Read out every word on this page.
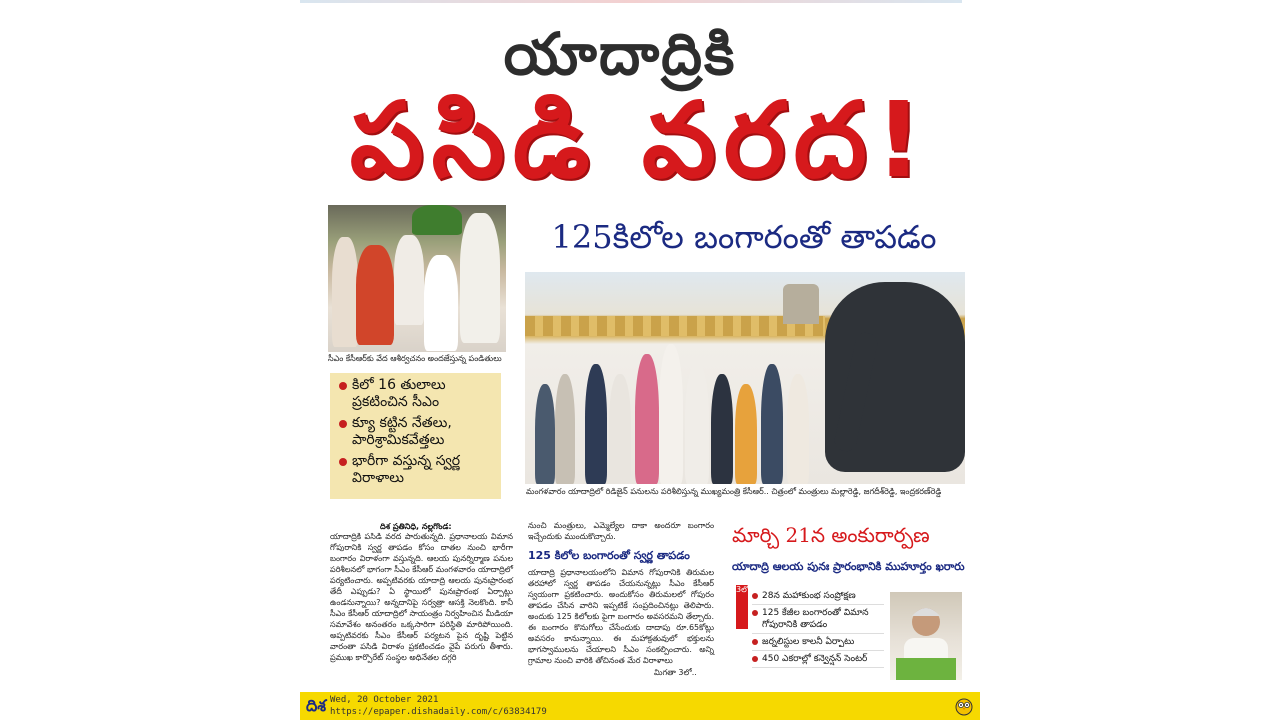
యాదాద్రికి
పసిడి వరద!
సీఎం కేసీఆర్‌కు వేద ఆశీర్వచనం అందజేస్తున్న పండితులు
కిలో 16 తులాలు ప్రకటించిన సీఎం
క్యూ కట్టిన నేతలు, పారిశ్రామికవేత్తలు
భారీగా వస్తున్న స్వర్ణ విరాళాలు
125కిలోల బంగారంతో తాపడం
మంగళవారం యాదాద్రిలో రిడిజైన్ పనులను పరిశీలిస్తున్న ముఖ్యమంత్రి కేసీఆర్.. చిత్రంలో మంత్రులు మల్లారెడ్డి, జగదీశ్‌రెడ్డి, ఇంద్రకరణ్‌రెడ్డి
దిశ ప్రతినిధి, నల్లగొండ:
యాదాద్రికి పసిడి వరద పారుతున్నది. ప్రధానాలయ విమాన గోపురానికి స్వర్ణ తాపడం కోసం దాతల నుంచి భారీగా బంగారం విరాళంగా వస్తున్నది. ఆలయ పునర్నిర్మాణ పనుల పరిశీలనలో భాగంగా సీఎం కేసీఆర్ మంగళవారం యాదాద్రిలో పర్యటించారు. అప్పటివరకు యాదాద్రి ఆలయ పునఃప్రారంభ తేదీ ఎప్పుడు? ఏ స్థాయిలో పునఃప్రారంభ ఏర్పాట్లు ఉండనున్నాయి? అన్నదానిపై సర్వత్రా ఆసక్తి నెలకొంది. కానీ సీఎం కేసీఆర్ యాదాద్రిలో సాయంత్రం నిర్వహించిన మీడియా సమావేశం అనంతరం ఒక్కసారిగా పరిస్థితి మారిపోయింది. అప్పటివరకు సీఎం కేసీఆర్ పర్యటన పైన దృష్టి పెట్టిన వారంతా పసిడి విరాళం ప్రకటించడం వైపే పరుగు తీశారు. ప్రముఖ కార్పొరేట్ సంస్థల అధినేతల దగ్గరి
నుంచి మంత్రులు, ఎమ్మెల్యేల దాకా అందరూ బంగారం ఇచ్చేందుకు ముందుకొచ్చారు.
125 కిలోల బంగారంతో స్వర్ణ తాపడం
యాదాద్రి ప్రధానాలయంలోని విమాన గోపురానికి తిరుమల తరహాలో స్వర్ణ తాపడం చేయనున్నట్లు సీఎం కేసీఆర్ స్వయంగా ప్రకటించారు. అందుకోసం తిరుమలలో గోపురం తాపడం చేసిన వారిని ఇప్పటికే సంప్రదించినట్లు తెలిపారు. అందుకు 125 కిలోలకు పైగా బంగారం అవసరమని తేల్చారు. ఈ బంగారం కొనుగోలు చేసేందుకు దాదాపు రూ.65కోట్లు అవసరం కానున్నాయి. ఈ మహాక్రతువులో భక్తులను భాగస్వాములను చేయాలని సీఎం సంకల్పించారు. అన్ని గ్రామాల నుంచి వారికి తోచినంత మేర విరాళాలు
మిగతా 3లో..
మార్చి 21న అంకురార్పణ
యాదాద్రి ఆలయ పునః ప్రారంభానికి ముహూర్తం ఖరారు
3లో
28న మహాకుంభ సంప్రోక్షణ
125 కేజీల బంగారంతో విమాన గోపురానికి తాపడం
జర్నలిస్టుల కాలనీ ఏర్పాటు
450 ఎకరాల్లో కన్వెన్షన్ సెంటర్
దిశ Wed, 20 October 2021
https://epaper.dishadaily.com/c/63834179
